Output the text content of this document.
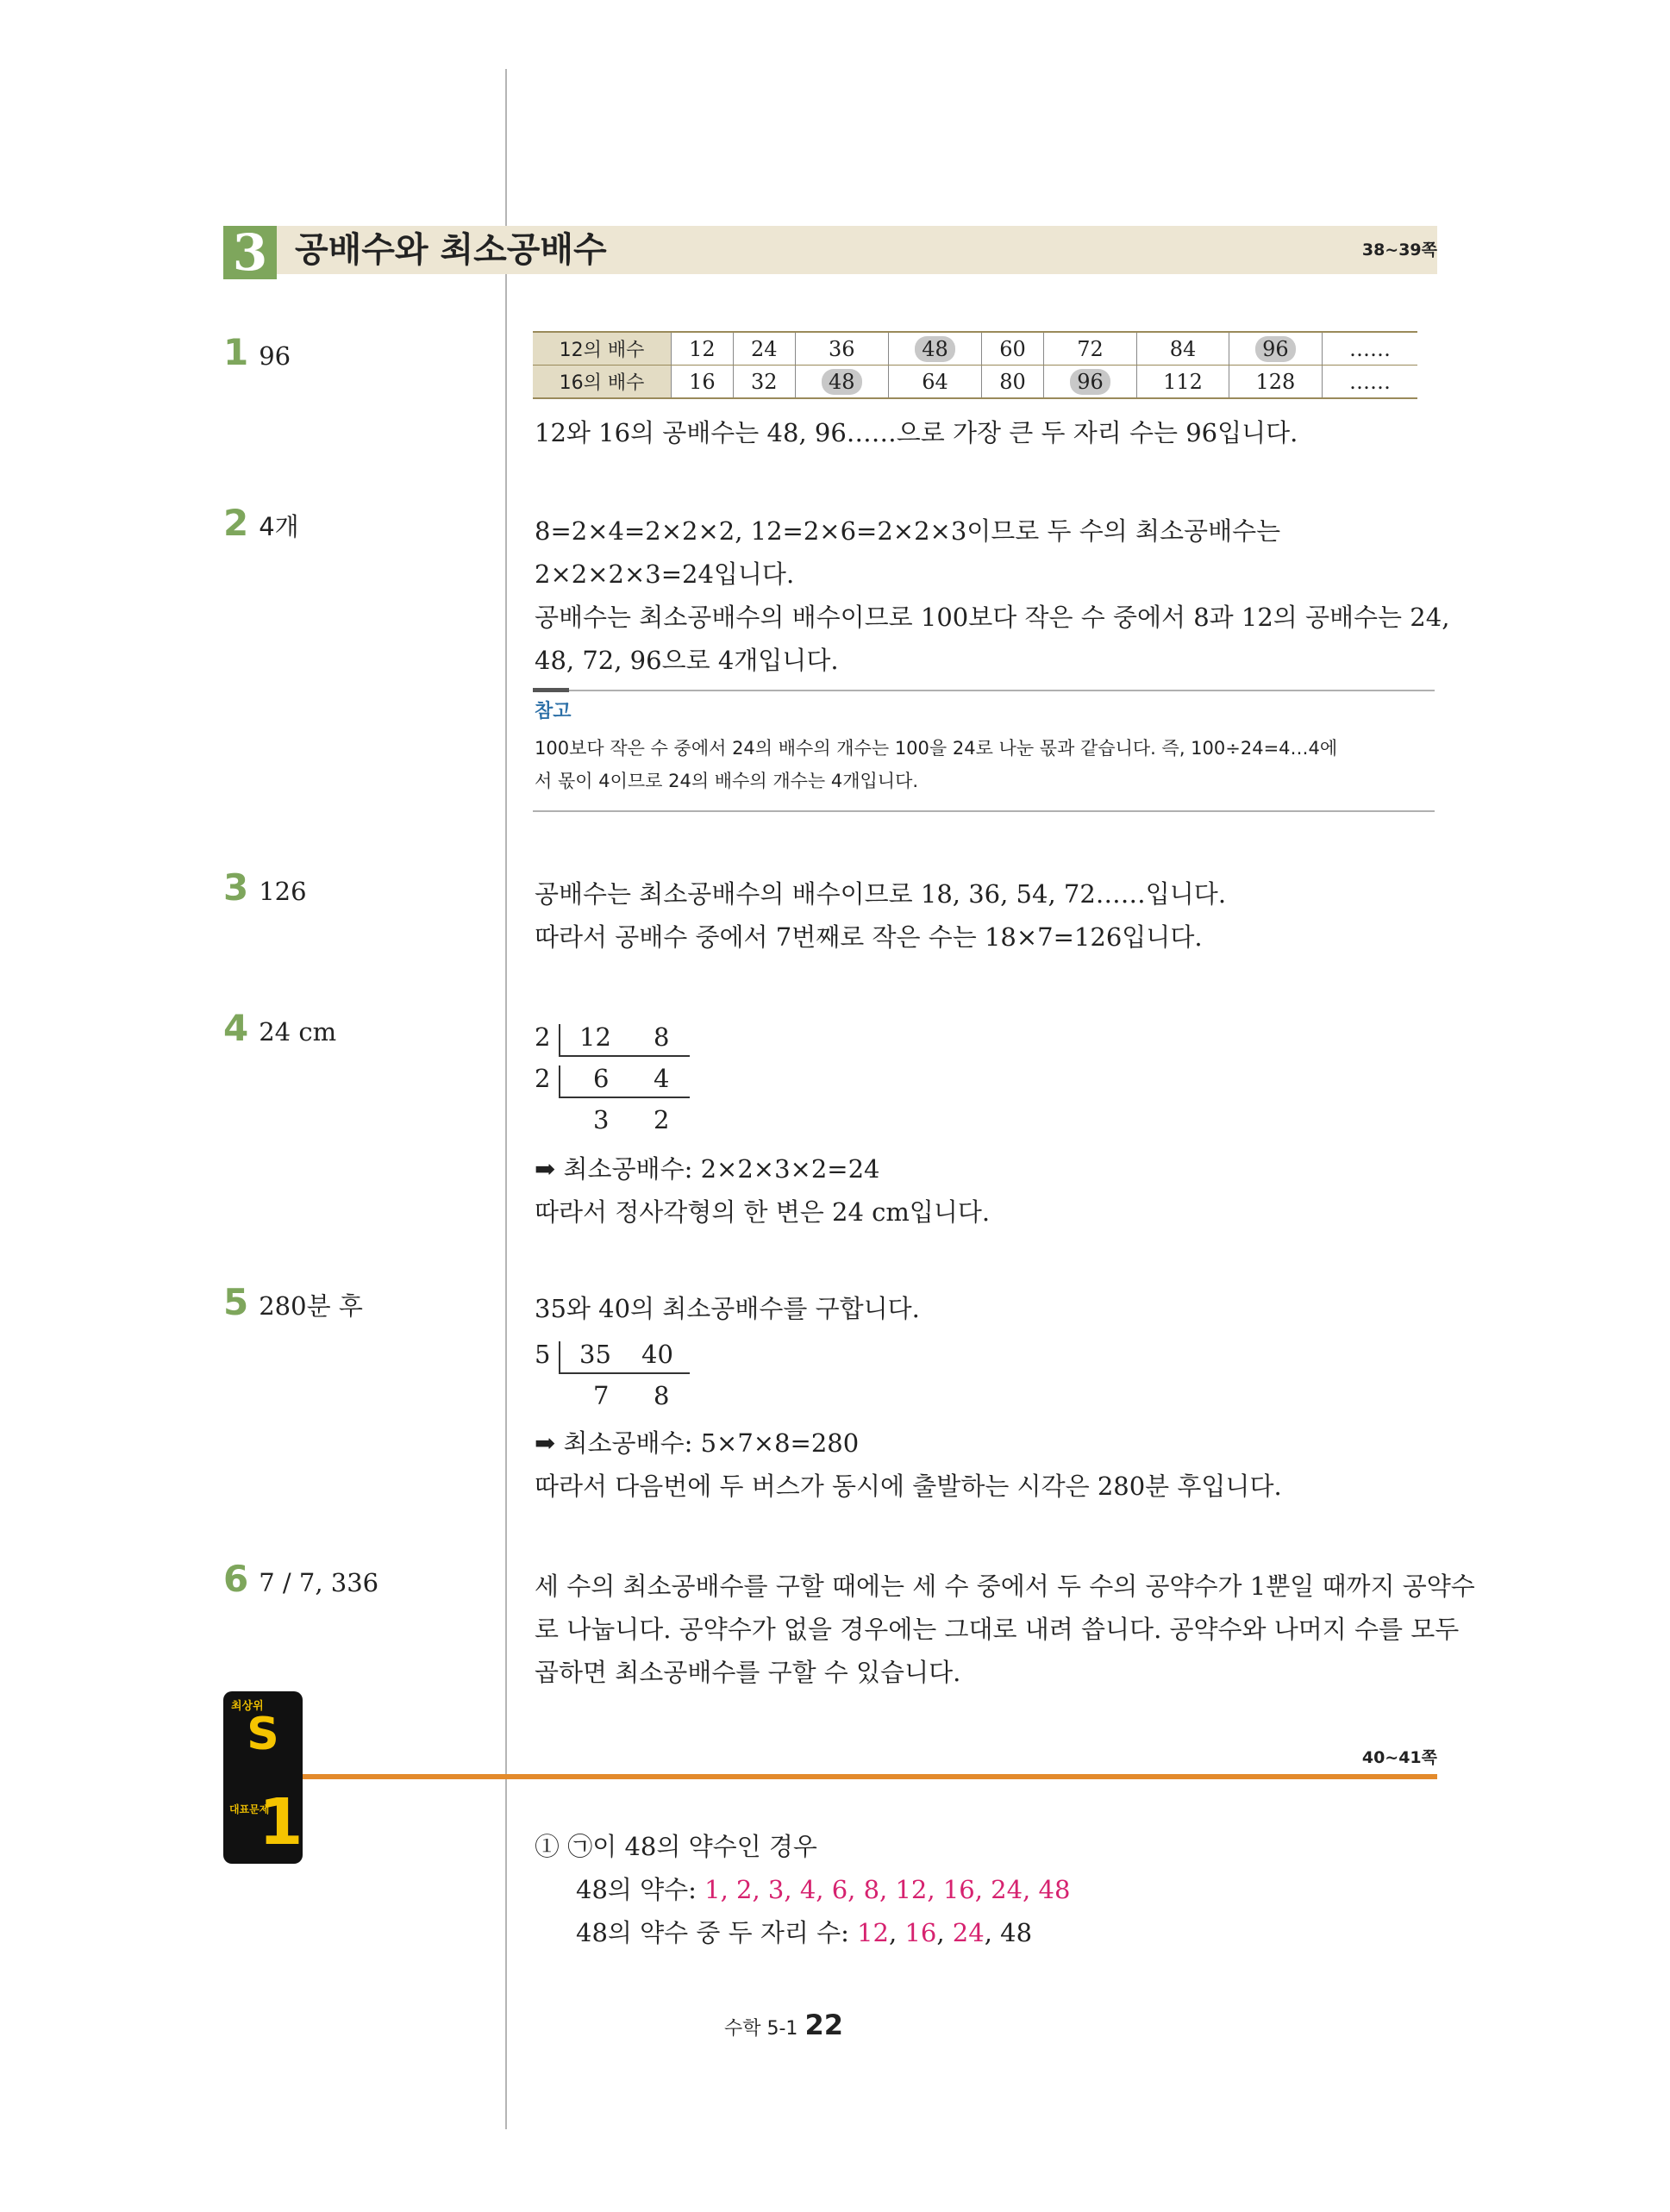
3 공배수와 최소공배수	38~39쪽
1 96
2 4개
3 126
4 24 cm
5 280분 후
6 7 / 7, 336
12의 배수	12	24	36	48	60	72	84	96	……
16의 배수	16	32	48	64	80	96	112	128	……
12와 16의 공배수는 48, 96……으로 가장 큰 두 자리 수는 96입니다.
8=2×4=2×2×2, 12=2×6=2×2×3이므로 두 수의 최소공배수는
2×2×2×3=24입니다.
공배수는 최소공배수의 배수이므로 100보다 작은 수 중에서 8과 12의 공배수는 24,
48, 72, 96으로 4개입니다.
참고
100보다 작은 수 중에서 24의 배수의 개수는 100을 24로 나눈 몫과 같습니다. 즉, 100÷24=4…4에
서 몫이 4이므로 24의 배수의 개수는 4개입니다.
공배수는 최소공배수의 배수이므로 18, 36, 54, 72……입니다.
따라서 공배수 중에서 7번째로 작은 수는 18×7=126입니다.
2 12 8
2 6 4
3 2
➡ 최소공배수: 2×2×3×2=24
따라서 정사각형의 한 변은 24 cm입니다.
35와 40의 최소공배수를 구합니다.
5 35 40
7 8
➡ 최소공배수: 5×7×8=280
따라서 다음번에 두 버스가 동시에 출발하는 시각은 280분 후입니다.
세 수의 최소공배수를 구할 때에는 세 수 중에서 두 수의 공약수가 1뿐일 때까지 공약수
로 나눕니다. 공약수가 없을 경우에는 그대로 내려 씁니다. 공약수와 나머지 수를 모두
곱하면 최소공배수를 구할 수 있습니다.
최상위
S
대표문제
1
40~41쪽
① ㉠이 48의 약수인 경우
48의 약수: 1, 2, 3, 4, 6, 8, 12, 16, 24, 48
48의 약수 중 두 자리 수: 12, 16, 24, 48
수학 5-1 22
